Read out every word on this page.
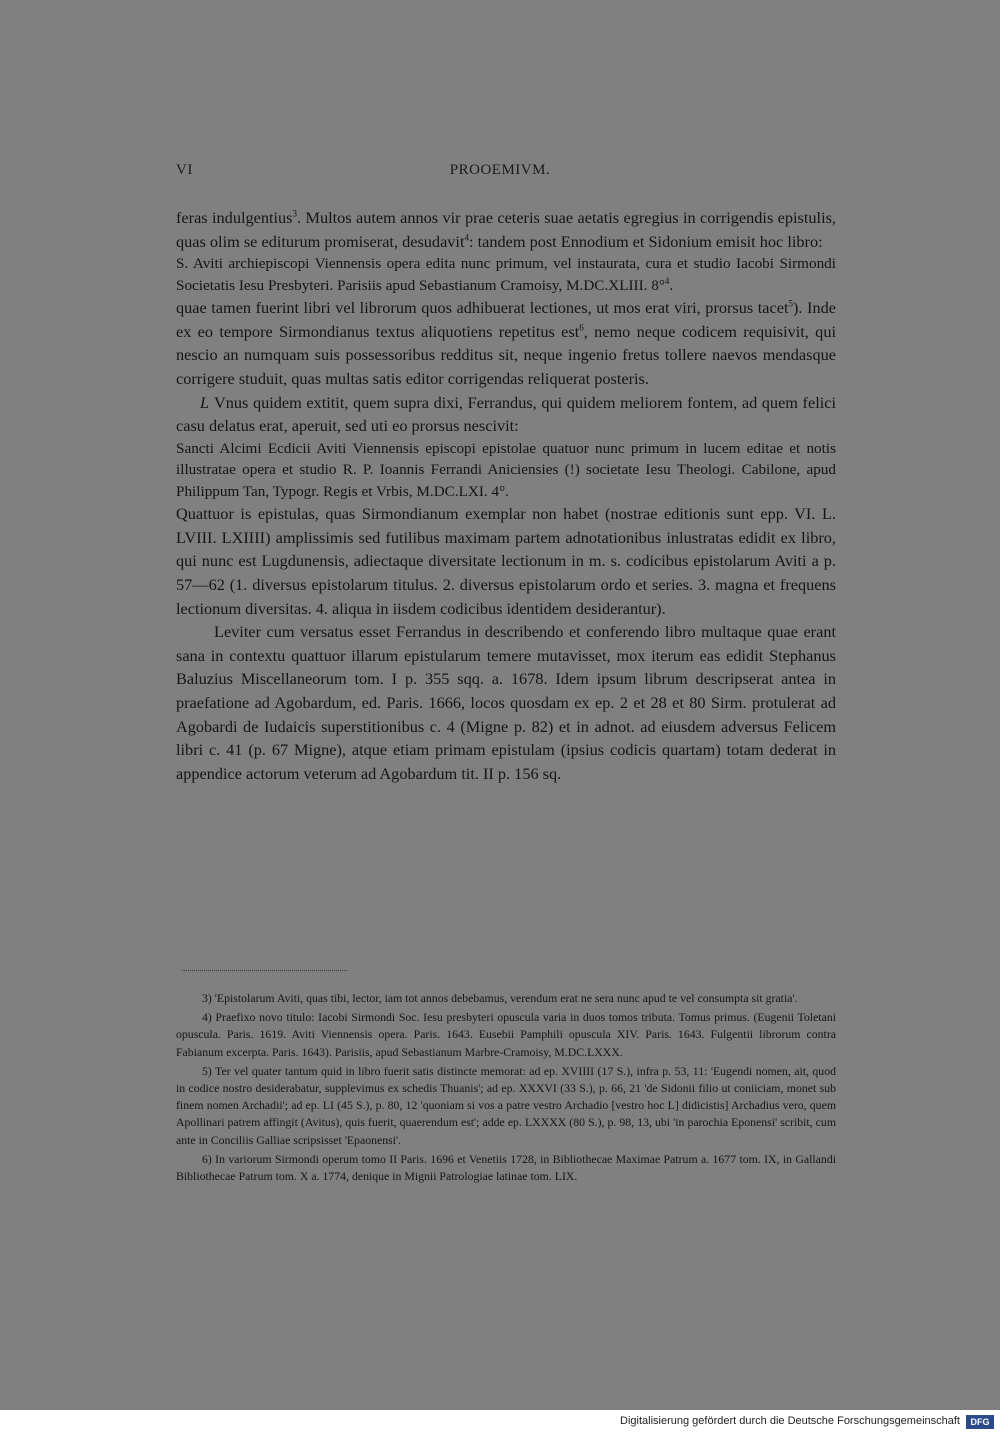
VI	PROOEMIVM.

feras indulgentius$^3$. Multos autem annos vir prae ceteris suae aetatis egregius in corrigendis epistulis, quas olim se editurum promiserat, desudavit$^4$: tandem post Ennodium et Sidonium emisit hoc libro:

S. Aviti archiepiscopi Viennensis opera edita nunc primum, vel instaurata, cura et studio Iacobi Sirmondi Societatis Iesu Presbyteri. Parisiis apud Sebastianum Cramoisy, M.DC.XLIII. 8°$^4$.

quae tamen fuerint libri vel librorum quos adhibuerat lectiones, ut mos erat viri, prorsus tacet$^5$). Inde ex eo tempore Sirmondianus textus aliquotiens repetitus est$^6$, nemo neque codicem requisivit, qui nescio an numquam suis possessoribus redditus sit, neque ingenio fretus tollere naevos mendasque corrigere studuit, quas multas satis editor corrigendas reliquerat posteris.

L Vnus quidem extitit, quem supra dixi, Ferrandus, qui quidem meliorem fontem, ad quem felici casu delatus erat, aperuit, sed uti eo prorsus nescivit:

Sancti Alcimi Ecdicii Aviti Viennensis episcopi epistolae quatuor nunc primum in lucem editae et notis illustratae opera et studio R. P. Ioannis Ferrandi Aniciensies (!) societate Iesu Theologi. Cabilone, apud Philippum Tan, Typogr. Regis et Vrbis, M.DC.LXI. 4°.

Quattuor is epistulas, quas Sirmondianum exemplar non habet (nostrae editionis sunt epp. VI. L. LVIII. LXIIII) amplissimis sed futilibus maximam partem adnotationibus inlustratas edidit ex libro, qui nunc est Lugdunensis, adiectaque diversitate lectionum in m. s. codicibus epistolarum Aviti a p. 57—62 (1. diversus epistolarum titulus. 2. diversus epistolarum ordo et series. 3. magna et frequens lectionum diversitas. 4. aliqua in iisdem codicibus identidem desiderantur).

Leviter cum versatus esset Ferrandus in describendo et conferendo libro multaque quae erant sana in contextu quattuor illarum epistularum temere mutavisset, mox iterum eas edidit Stephanus Baluzius Miscellaneorum tom. I p. 355 sqq. a. 1678. Idem ipsum librum descripserat antea in praefatione ad Agobardum, ed. Paris. 1666, locos quosdam ex ep. 2 et 28 et 80 Sirm. protulerat ad Agobardi de Iudaicis superstitionibus c. 4 (Migne p. 82) et in adnot. ad eiusdem adversus Felicem libri c. 41 (p. 67 Migne), atque etiam primam epistulam (ipsius codicis quartam) totam dederat in appendice actorum veterum ad Agobardum tit. II p. 156 sq.

3) 'Epistolarum Aviti, quas tibi, lector, iam tot annos debebamus, verendum erat ne sera nunc apud te vel consumpta sit gratia'.

4) Praefixo novo titulo: Iacobi Sirmondi Soc. Iesu presbyteri opuscula varia in duos tomos tributa. Tomus primus. (Eugenii Toletani opuscula. Paris. 1619. Aviti Viennensis opera. Paris. 1643. Eusebii Pamphili opuscula XIV. Paris. 1643. Fulgentii librorum contra Fabianum excerpta. Paris. 1643). Parisiis, apud Sebastianum Marbre-Cramoisy, M.DC.LXXX.

5) Ter vel quater tantum quid in libro fuerit satis distincte memorat: ad ep. XVIIII (17 S.), infra p. 53, 11: 'Eugendi nomen, ait, quod in codice nostro desiderabatur, supplevimus ex schedis Thuanis'; ad ep. XXXVI (33 S.), p. 66, 21 'de Sidonii filio ut coniiciam, monet sub finem nomen Archadii'; ad ep. LI (45 S.), p. 80, 12 'quoniam si vos a patre vestro Archadio [vestro hoc L] didicistis] Archadius vero, quem Apollinari patrem affingit (Avitus), quis fuerit, quaerendum est'; adde ep. LXXXX (80 S.), p. 98, 13, ubi 'in parochia Eponensi' scribit, cum ante in Conciliis Galliae scripsisset 'Epaonensi'.

6) In variorum Sirmondi operum tomo II Paris. 1696 et Venetiis 1728, in Bibliothecae Maximae Patrum a. 1677 tom. IX, in Gallandi Bibliothecae Patrum tom. X a. 1774, denique in Mignii Patrologiae latinae tom. LIX.

Digitalisierung gefördert durch die Deutsche Forschungsgemeinschaft	DFG
